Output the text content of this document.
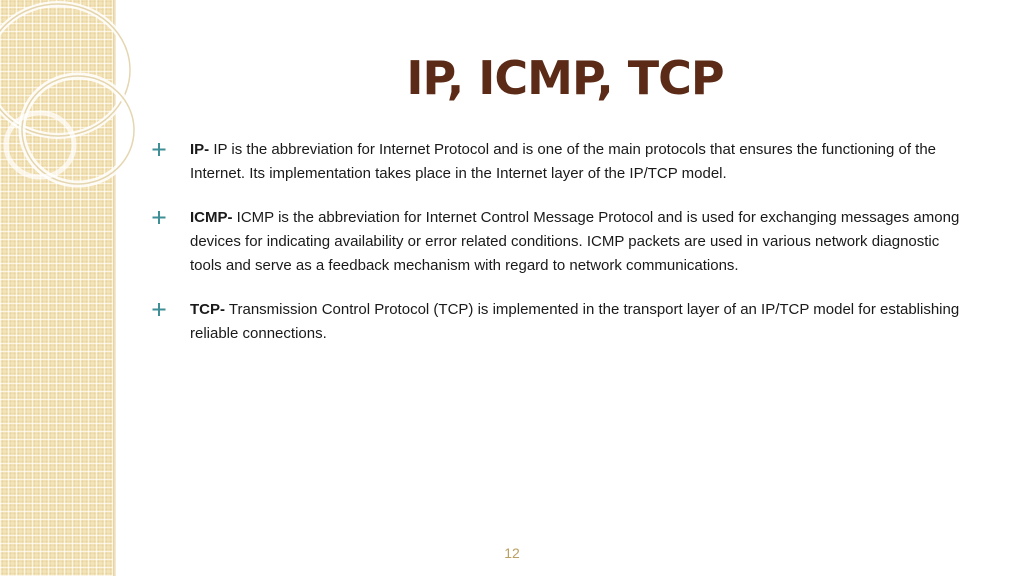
IP, ICMP, TCP
IP- IP is the abbreviation for Internet Protocol and is one of the main protocols that ensures the functioning of the Internet. Its implementation takes place in the Internet layer of the IP/TCP model.
ICMP- ICMP is the abbreviation for Internet Control Message Protocol and is used for exchanging messages among devices for indicating availability or error related conditions. ICMP packets are used in various network diagnostic tools and serve as a feedback mechanism with regard to network communications.
TCP- Transmission Control Protocol (TCP) is implemented in the transport layer of an IP/TCP model for establishing reliable connections.
12
